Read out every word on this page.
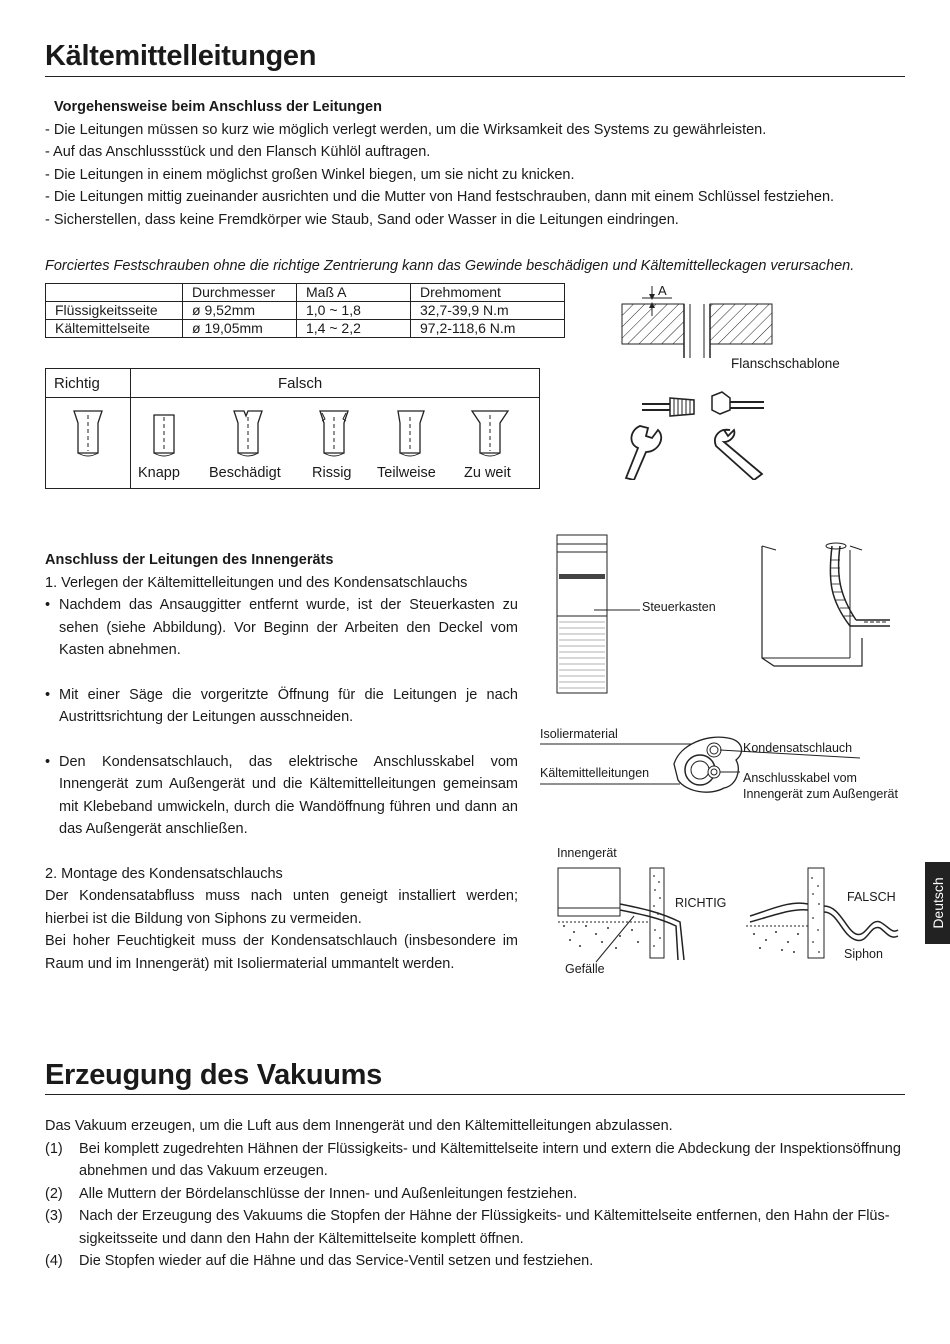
Kältemittelleitungen
Vorgehensweise beim Anschluss der Leitungen
- Die Leitungen müssen so kurz wie möglich verlegt werden, um die Wirksamkeit des Systems zu gewährleisten.
- Auf das Anschlussstück und den Flansch Kühlöl auftragen.
- Die Leitungen in einem möglichst großen Winkel biegen, um sie nicht zu knicken.
- Die Leitungen mittig zueinander ausrichten und die Mutter von Hand festschrauben, dann mit einem Schlüssel festziehen.
- Sicherstellen, dass keine Fremdkörper wie Staub, Sand oder Wasser in die Leitungen eindringen.
Forciertes Festschrauben ohne die richtige Zentrierung kann das Gewinde beschädigen und Kältemittelleckagen verursachen.
	Durchmesser	Maß A	Drehmoment
Flüssigkeitsseite	ø 9,52mm	1,0 ~ 1,8	32,7-39,9 N.m
Kältemittelseite	ø 19,05mm	1,4 ~ 2,2	97,2-118,6 N.m
A
Flanschschablone
Richtig	Falsch
Knapp Beschädigt Rissig Teilweise Zu weit
Anschluss der Leitungen des Innengeräts
1. Verlegen der Kältemittelleitungen und des Kondensatschlauchs
• Nachdem das Ansauggitter entfernt wurde, ist der Steuerkasten zu sehen (siehe Abbildung). Vor Beginn der Arbeiten den Deckel vom Kasten abnehmen.
• Mit einer Säge die vorgeritzte Öffnung für die Leitungen je nach Austrittsrichtung der Leitungen ausschneiden.
• Den Kondensatschlauch, das elektrische Anschlusskabel vom Innengerät zum Außengerät und die Kältemittelleitungen gemeinsam mit Klebeband umwickeln, durch die Wandöffnung führen und dann an das Außengerät anschließen.
2. Montage des Kondensatschlauchs
Der Kondensatabfluss muss nach unten geneigt installiert werden; hierbei ist die Bildung von Siphons zu vermeiden.
Bei hoher Feuchtigkeit muss der Kondensatschlauch (insbesondere im Raum und im Innengerät) mit Isoliermaterial ummantelt werden.
Steuerkasten
Isoliermaterial
Kältemittelleitungen
Kondensatschlauch
Anschlusskabel vom
Innengerät zum Außengerät
Innengerät
RICHTIG
Gefälle
FALSCH
Siphon
Deutsch
Erzeugung des Vakuums
Das Vakuum erzeugen, um die Luft aus dem Innengerät und den Kältemittelleitungen abzulassen.
(1) Bei komplett zugedrehten Hähnen der Flüssigkeits- und Kältemittelseite intern und extern die Abdeckung der Inspektionsöffnung
abnehmen und das Vakuum erzeugen.
(2) Alle Muttern der Bördelanschlüsse der Innen- und Außenleitungen festziehen.
(3) Nach der Erzeugung des Vakuums die Stopfen der Hähne der Flüssigkeits- und Kältemittelseite entfernen, den Hahn der Flüs-
sigkeitsseite und dann den Hahn der Kältemittelseite komplett öffnen.
(4) Die Stopfen wieder auf die Hähne und das Service-Ventil setzen und festziehen.
